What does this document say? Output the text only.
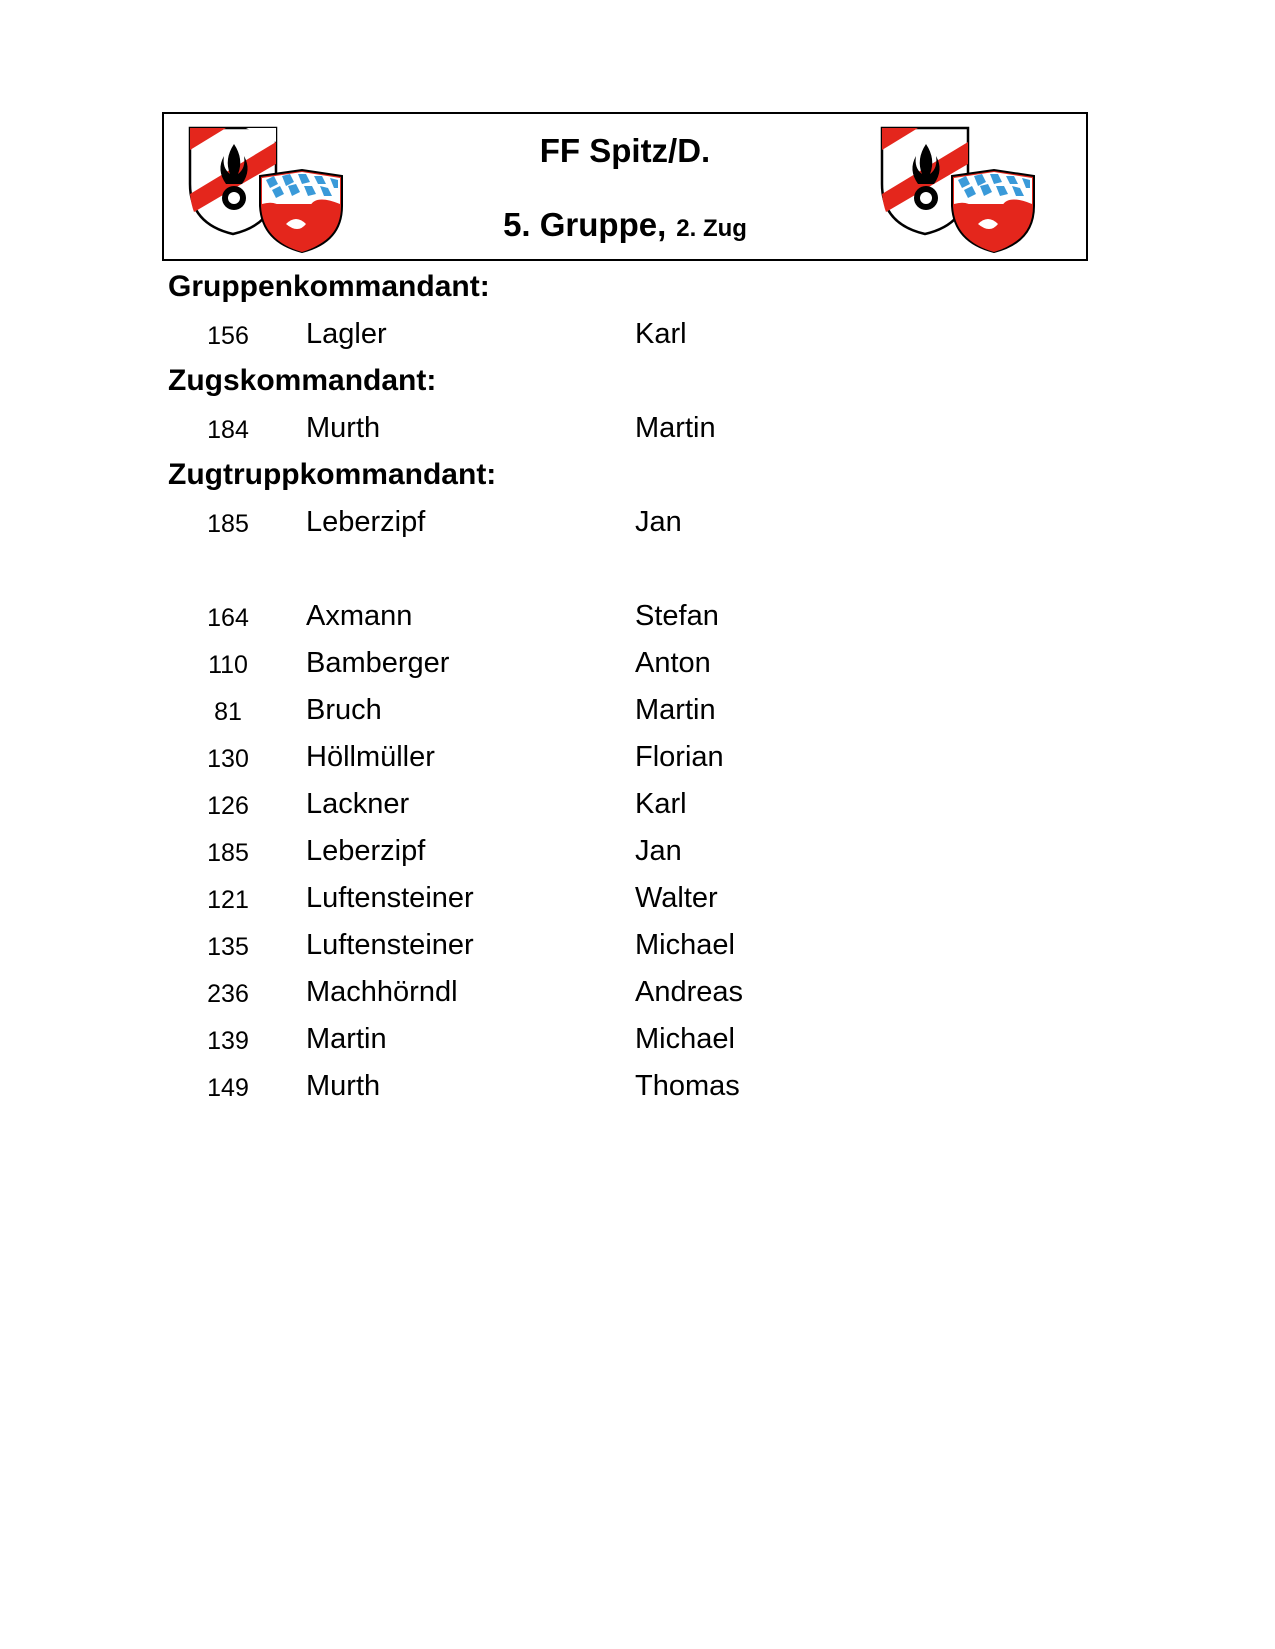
FF Spitz/D.
5. Gruppe, 2. Zug
Gruppenkommandant:
156	Lagler	Karl
Zugskommandant:
184	Murth	Martin
Zugtruppkommandant:
185	Leberzipf	Jan
164	Axmann	Stefan
110	Bamberger	Anton
81	Bruch	Martin
130	Höllmüller	Florian
126	Lackner	Karl
185	Leberzipf	Jan
121	Luftensteiner	Walter
135	Luftensteiner	Michael
236	Machhörndl	Andreas
139	Martin	Michael
149	Murth	Thomas
